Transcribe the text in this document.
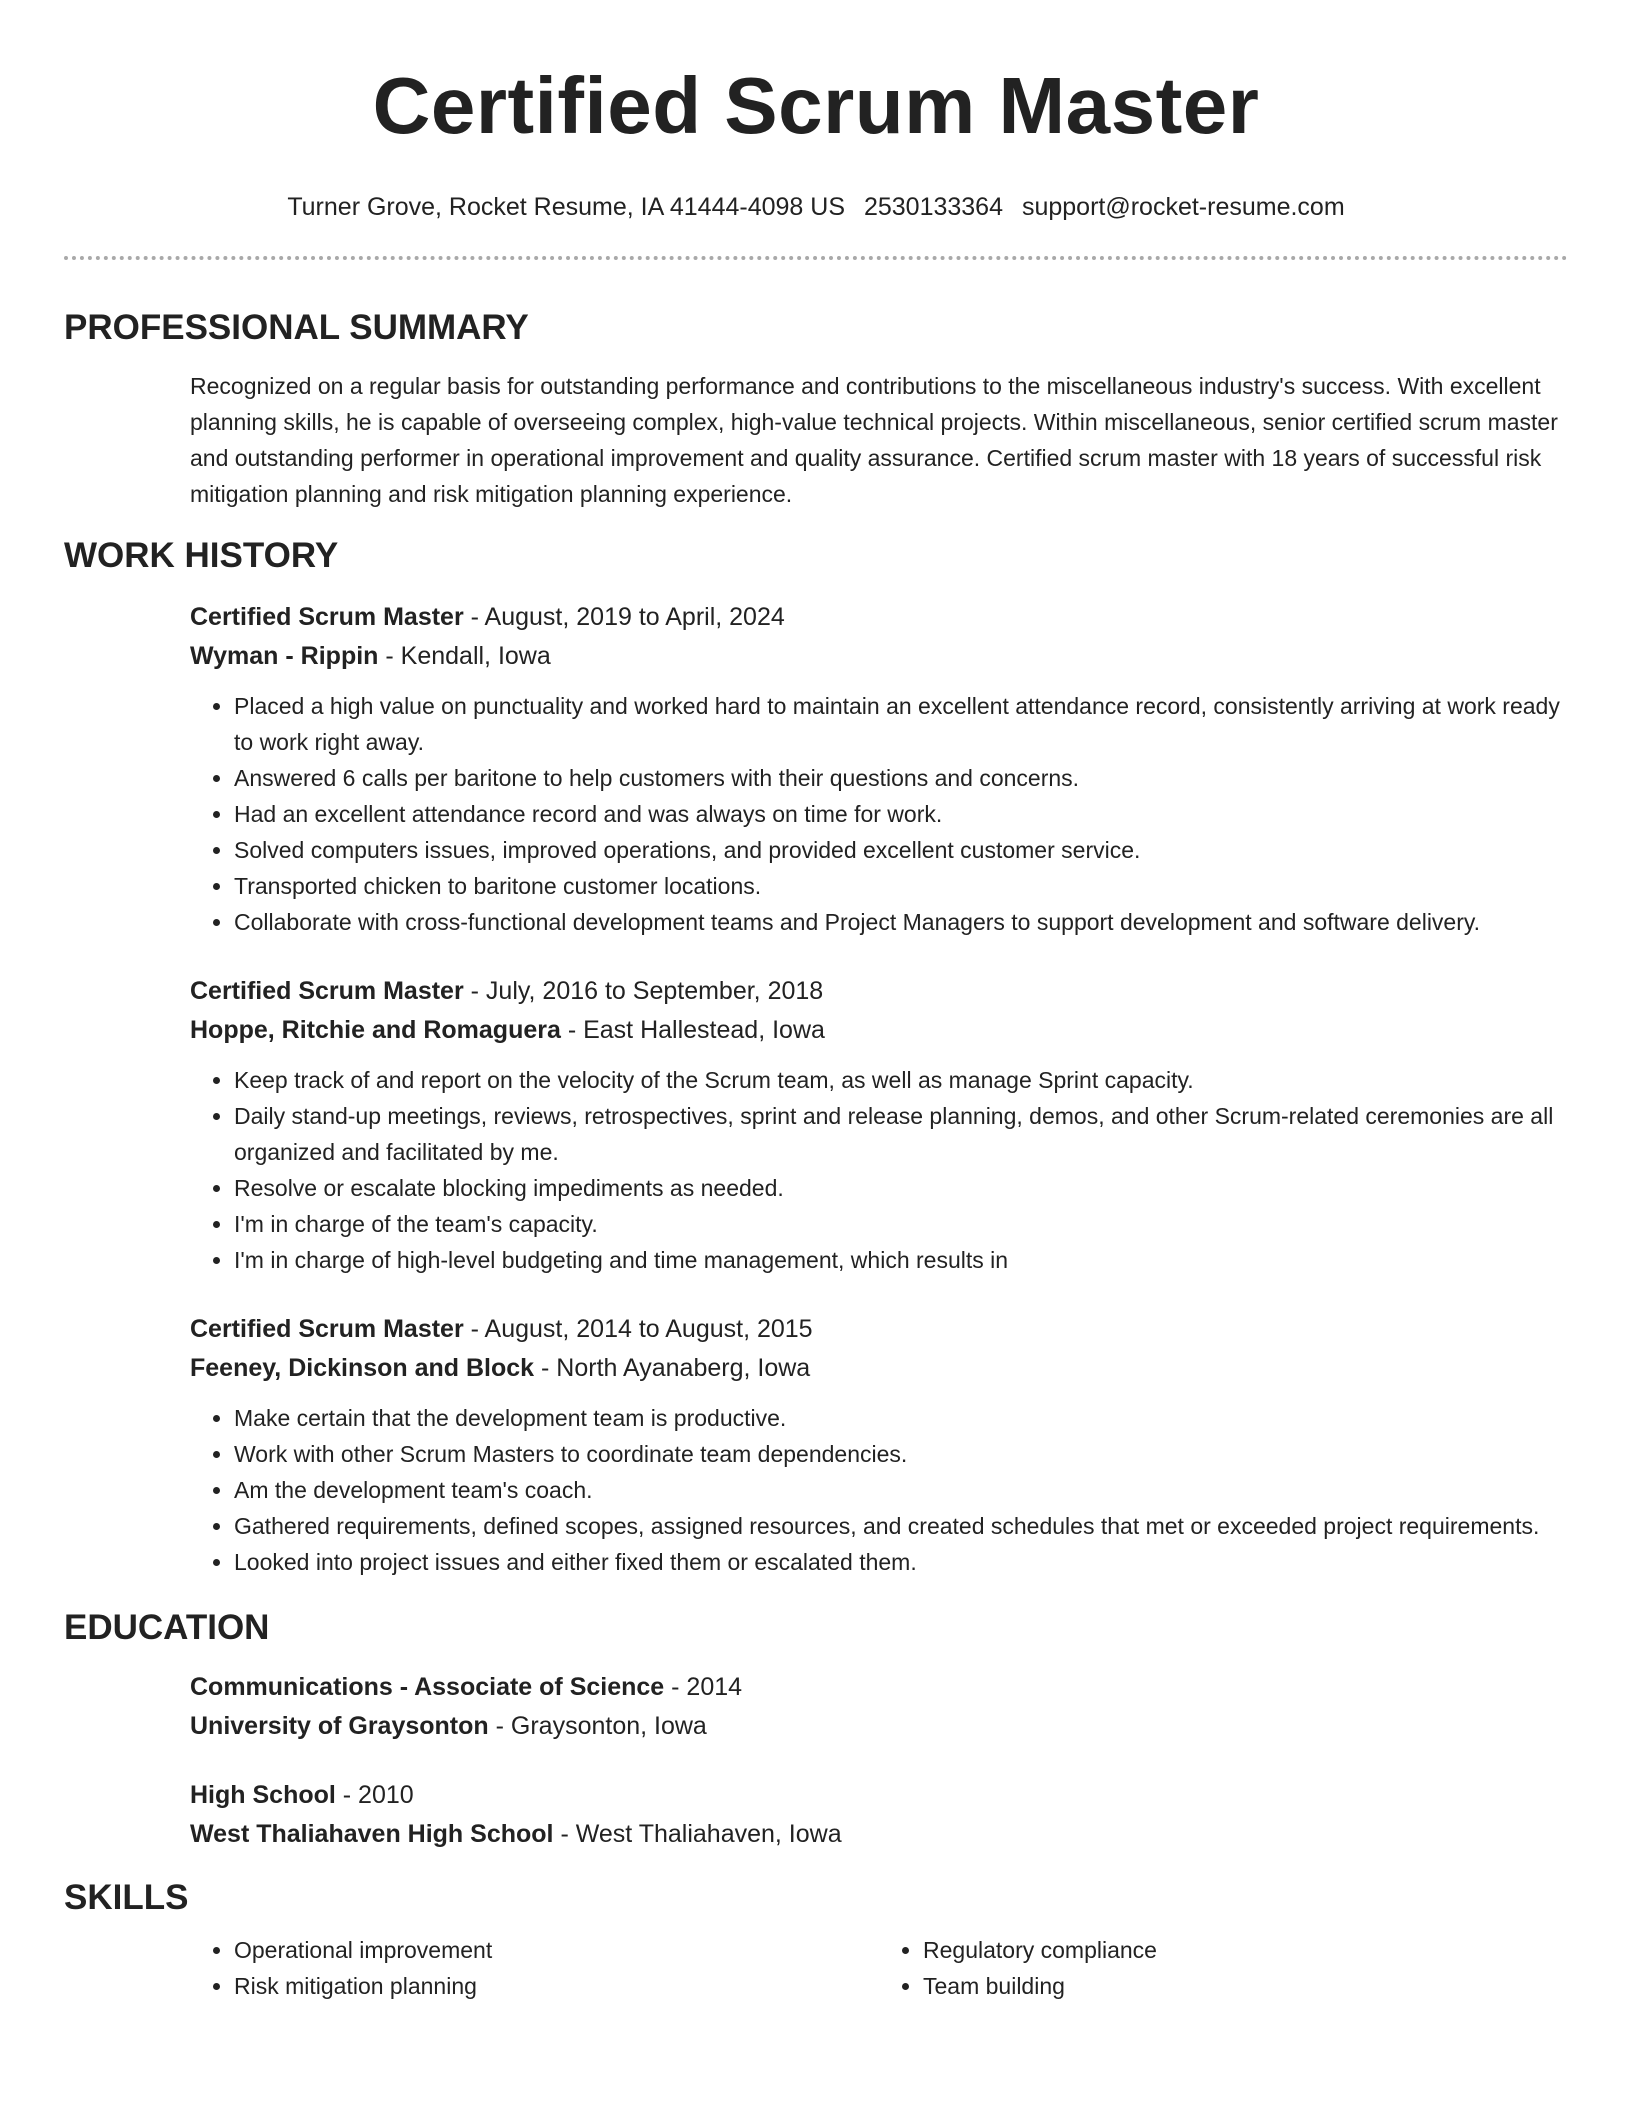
Certified Scrum Master
Turner Grove, Rocket Resume, IA 41444-4098 US 2530133364 support@rocket-resume.com
PROFESSIONAL SUMMARY

Recognized on a regular basis for outstanding performance and contributions to the miscellaneous industry's success. With excellent planning skills, he is capable of overseeing complex, high-value technical projects. Within miscellaneous, senior certified scrum master and outstanding performer in operational improvement and quality assurance. Certified scrum master with 18 years of successful risk mitigation planning and risk mitigation planning experience.

WORK HISTORY
Certified Scrum Master - August, 2019 to April, 2024
Wyman - Rippin - Kendall, Iowa
• Placed a high value on punctuality and worked hard to maintain an excellent attendance record, consistently arriving at work ready to work right away.
• Answered 6 calls per baritone to help customers with their questions and concerns.
• Had an excellent attendance record and was always on time for work.
• Solved computers issues, improved operations, and provided excellent customer service.
• Transported chicken to baritone customer locations.
• Collaborate with cross-functional development teams and Project Managers to support development and software delivery.
Certified Scrum Master - July, 2016 to September, 2018
Hoppe, Ritchie and Romaguera - East Hallestead, Iowa
• Keep track of and report on the velocity of the Scrum team, as well as manage Sprint capacity.
• Daily stand-up meetings, reviews, retrospectives, sprint and release planning, demos, and other Scrum-related ceremonies are all organized and facilitated by me.
• Resolve or escalate blocking impediments as needed.
• I'm in charge of the team's capacity.
• I'm in charge of high-level budgeting and time management, which results in
Certified Scrum Master - August, 2014 to August, 2015
Feeney, Dickinson and Block - North Ayanaberg, Iowa
• Make certain that the development team is productive.
• Work with other Scrum Masters to coordinate team dependencies.
• Am the development team's coach.
• Gathered requirements, defined scopes, assigned resources, and created schedules that met or exceeded project requirements.
• Looked into project issues and either fixed them or escalated them.
EDUCATION
Communications - Associate of Science - 2014
University of Graysonton - Graysonton, Iowa
High School - 2010
West Thaliahaven High School - West Thaliahaven, Iowa
SKILLS
• Operational improvement
• Risk mitigation planning
• Regulatory compliance
• Team building
